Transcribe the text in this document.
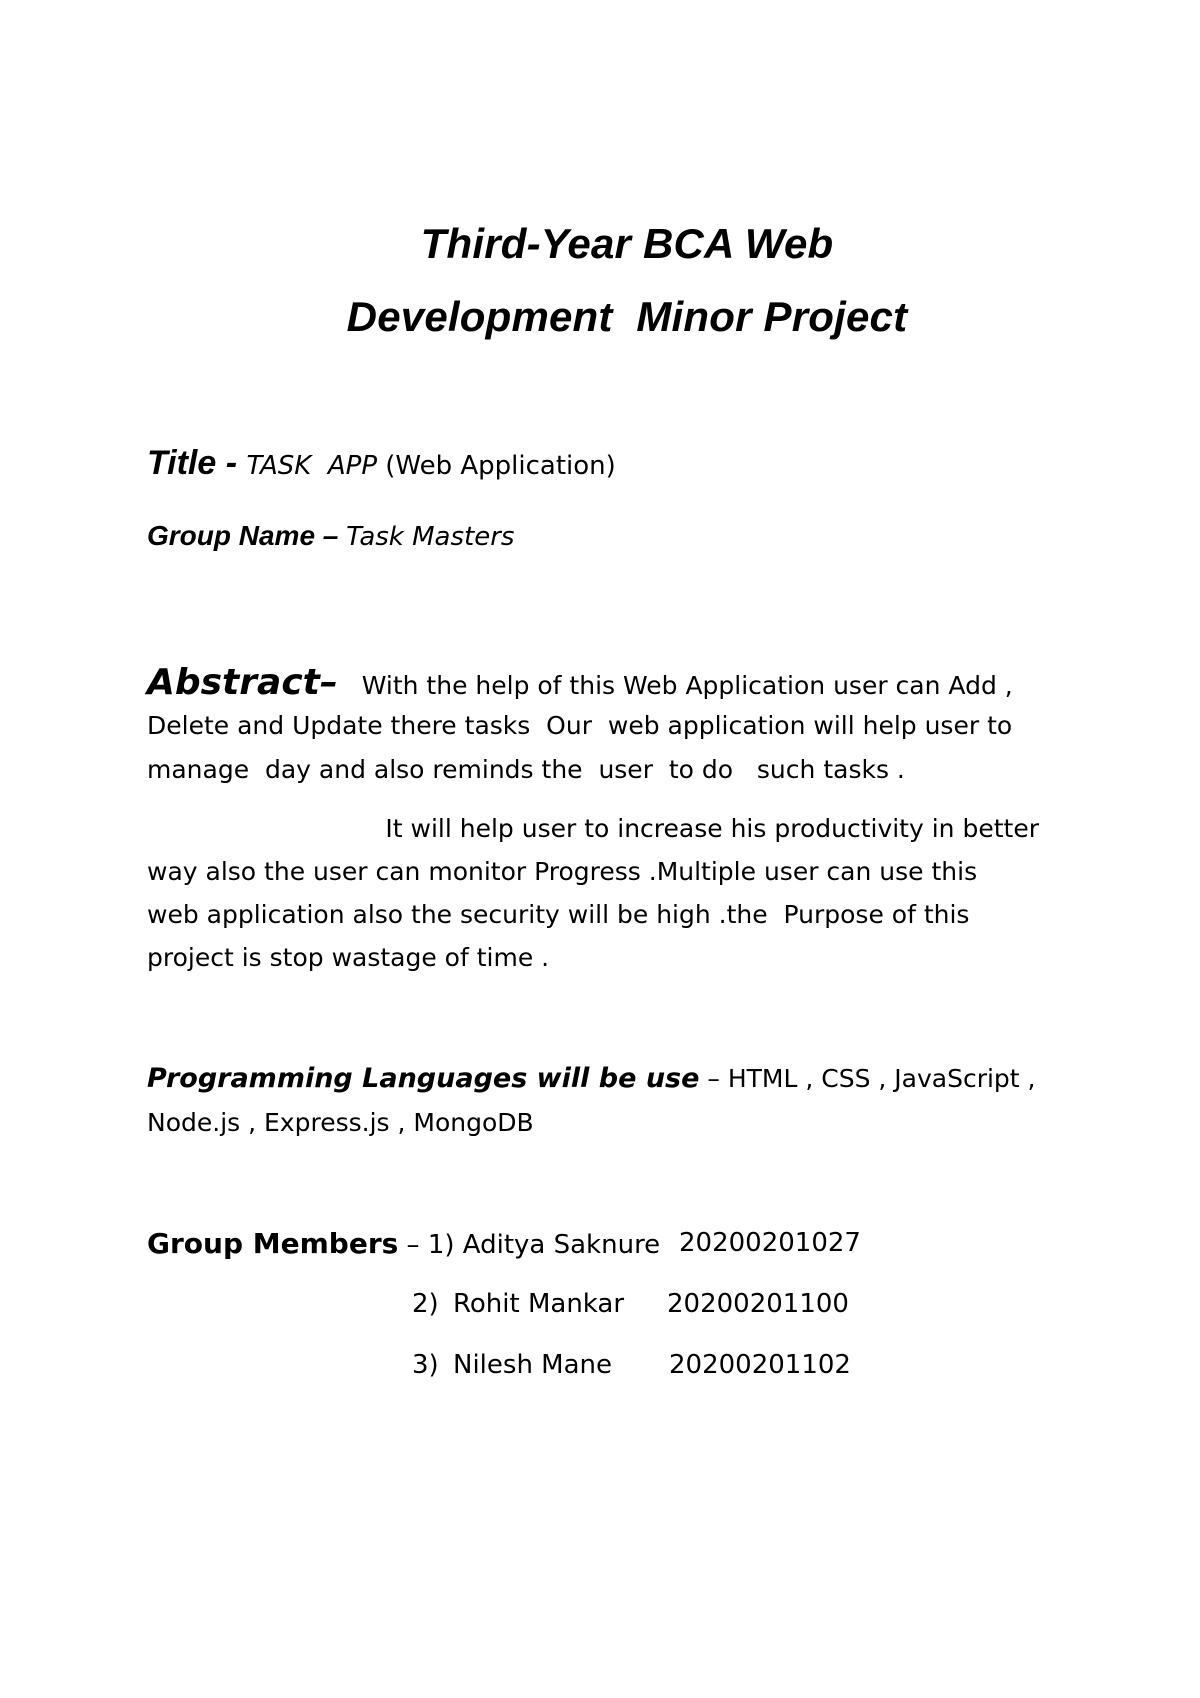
Third-Year BCA Web
Development  Minor Project
Title - TASK  APP (Web Application)
Group Name – Task Masters
Abstract–   With the help of this Web Application user can Add ,
Delete and Update there tasks  Our  web application will help user to
manage  day and also reminds the  user  to do   such tasks .
It will help user to increase his productivity in better
way also the user can monitor Progress .Multiple user can use this
web application also the security will be high .the  Purpose of this
project is stop wastage of time .
Programming Languages will be use – HTML , CSS , JavaScript ,
Node.js , Express.js , MongoDB
Group Members – 1) Aditya Saknure 20200201027
2) Rohit Mankar 20200201100
3) Nilesh Mane 20200201102
